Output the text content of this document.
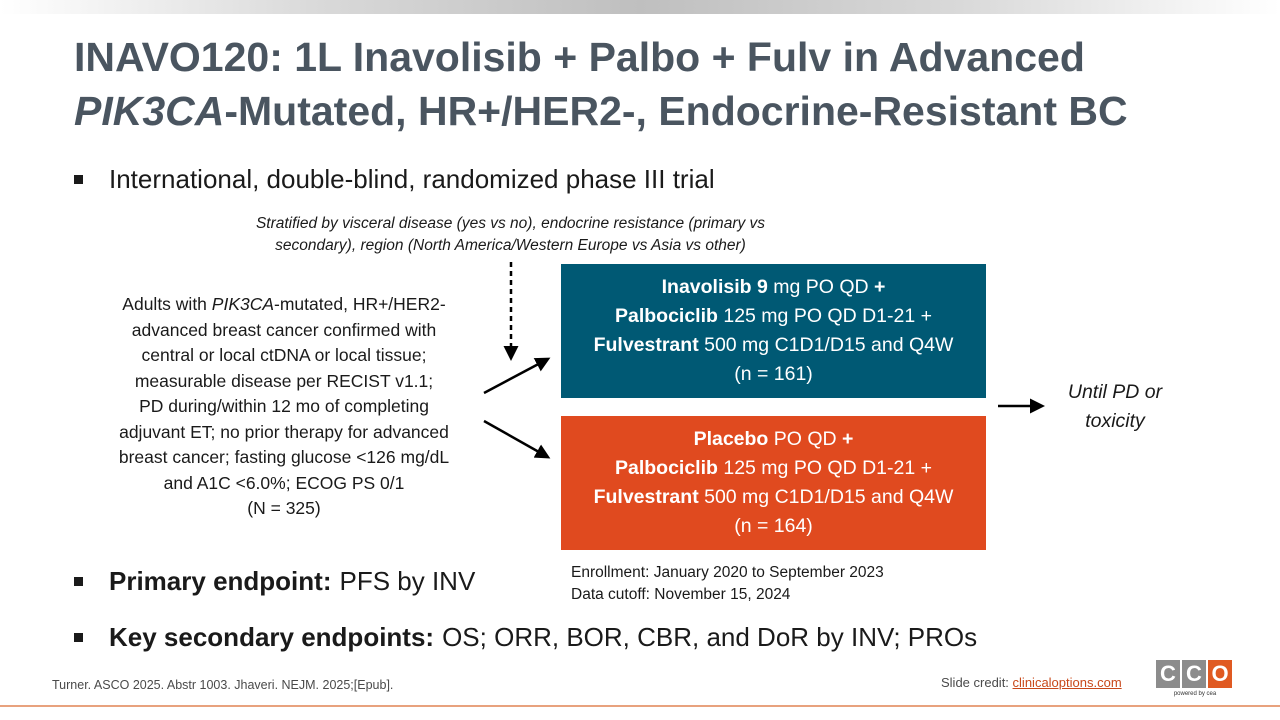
INAVO120: 1L Inavolisib + Palbo + Fulv in Advanced
PIK3CA-Mutated, HR+/HER2-, Endocrine-Resistant BC
International, double-blind, randomized phase III trial
Stratified by visceral disease (yes vs no), endocrine resistance (primary vs
secondary), region (North America/Western Europe vs Asia vs other)
Adults with PIK3CA-mutated, HR+/HER2-
advanced breast cancer confirmed with
central or local ctDNA or local tissue;
measurable disease per RECIST v1.1;
PD during/within 12 mo of completing
adjuvant ET; no prior therapy for advanced
breast cancer; fasting glucose <126 mg/dL
and A1C <6.0%; ECOG PS 0/1
(N = 325)
Inavolisib 9 mg PO QD +
Palbociclib 125 mg PO QD D1-21 +
Fulvestrant 500 mg C1D1/D15 and Q4W
(n = 161)
Placebo PO QD +
Palbociclib 125 mg PO QD D1-21 +
Fulvestrant 500 mg C1D1/D15 and Q4W
(n = 164)
Until PD or
toxicity
Enrollment: January 2020 to September 2023
Data cutoff: November 15, 2024
Primary endpoint: PFS by INV
Key secondary endpoints: OS; ORR, BOR, CBR, and DoR by INV; PROs
Turner. ASCO 2025. Abstr 1003. Jhaveri. NEJM. 2025;[Epub].	Slide credit: clinicaloptions.com C C O
powered by cea
